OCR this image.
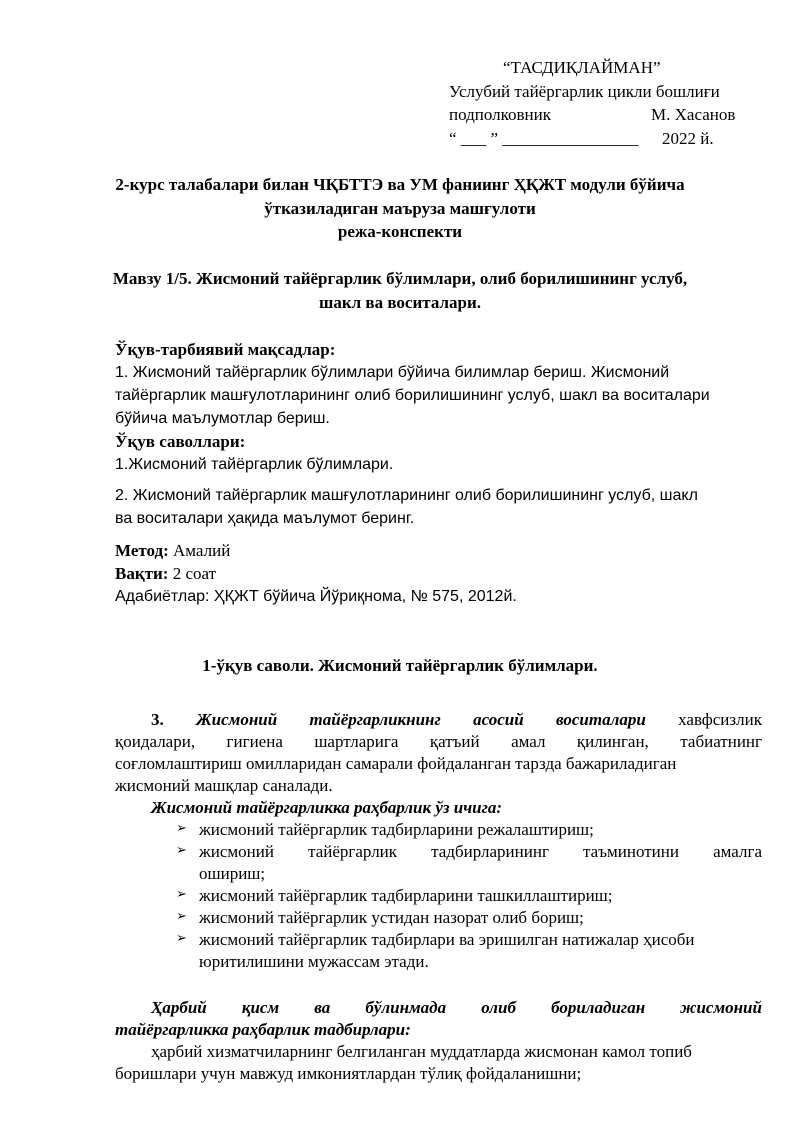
“ТАСДИҚЛАЙМАН”
Услубий тайёргарлик цикли бошлиғи
подполковник	М. Хасанов
“ ___ ” ________________ 2022 й.
2-курс талабалари билан ЧҚБТТЭ ва УМ фаниинг ҲҚЖТ модули бўйича
ўтказиладиган маъруза машғулоти
режа-конспекти
Мавзу 1/5. Жисмоний тайёргарлик бўлимлари, олиб борилишининг услуб,
шакл ва воситалари.
Ўқув-тарбиявий мақсадлар:
1. Жисмоний тайёргарлик бўлимлари бўйича билимлар бериш. Жисмоний
тайёргарлик машғулотларининг олиб борилишининг услуб, шакл ва воситалари
бўйича маълумотлар бериш.
Ўқув саволлари:
1.Жисмоний тайёргарлик бўлимлари.
2. Жисмоний тайёргарлик машғулотларининг олиб борилишининг услуб, шакл
ва воситалари ҳақида маълумот беринг.
Метод: Амалий
Вақти: 2 соат
Адабиётлар: ҲҚЖТ бўйича Йўриқнома, № 575, 2012й.
1-ўқув саволи. Жисмоний тайёргарлик бўлимлари.
3. Жисмоний тайёргарликнинг асосий воситалари хавфсизлик
қоидалари, гигиена шартларига қатъий амал қилинган, табиатнинг
соғломлаштириш омилларидан самарали фойдаланган тарзда бажариладиган
жисмоний машқлар саналади.
Жисмоний тайёргарликка раҳбарлик ўз ичига:
➢ жисмоний тайёргарлик тадбирларини режалаштириш;
➢ жисмоний тайёргарлик тадбирларининг таъминотини амалга
ошириш;
➢ жисмоний тайёргарлик тадбирларини ташкиллаштириш;
➢ жисмоний тайёргарлик устидан назорат олиб бориш;
➢ жисмоний тайёргарлик тадбирлари ва эришилган натижалар ҳисоби
юритилишини мужассам этади.
Ҳарбий қисм ва бўлинмада олиб бориладиган жисмоний
тайёргарликка раҳбарлик тадбирлари:
ҳарбий хизматчиларнинг белгиланган муддатларда жисмонан камол топиб
боришлари учун мавжуд имкониятлардан тўлиқ фойдаланишни;
